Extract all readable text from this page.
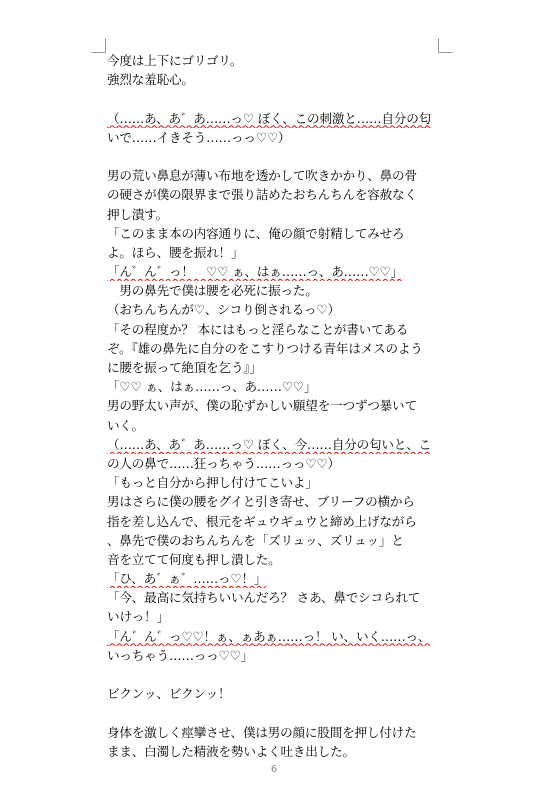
今度は上下にゴリゴリ。
強烈な羞恥心。

（……あ、あ゛あ……っ♡ ぼく、この刺激と……自分の匂
いで……イきそう……っっ♡♡）

男の荒い鼻息が薄い布地を透かして吹きかかり、鼻の骨
の硬さが僕の限界まで張り詰めたおちんちんを容赦なく
押し潰す。
「このまま本の内容通りに、俺の顔で射精してみせろ
よ。ほら、腰を振れ！」
「ん゛ん゛っ！　♡♡ ぁ、はぁ……っ、あ……♡♡」
　男の鼻先で僕は腰を必死に振った。
（おちんちんが♡、シコり倒されるっ♡）
「その程度か？ 本にはもっと淫らなことが書いてある
ぞ。『雄の鼻先に自分のをこすりつける青年はメスのよう
に腰を振って絶頂を乞う』」
「♡♡ ぁ、はぁ……っ、あ……♡♡」
男の野太い声が、僕の恥ずかしい願望を一つずつ暴いて
いく。
（……あ、あ゛あ……っ♡ ぼく、今……自分の匂いと、こ
の人の鼻で……狂っちゃう……っっ♡♡）
「もっと自分から押し付けてこいよ」
男はさらに僕の腰をグイと引き寄せ、ブリーフの横から
指を差し込んで、根元をギュウギュウと締め上げながら
、鼻先で僕のおちんちんを「ズリュッ、ズリュッ」と
音を立てて何度も押し潰した。
「ひ、あ゛ぁ゛……っ♡！」
「今、最高に気持ちいいんだろ？ さあ、鼻でシコられて
いけっ！」
「ん゛ん゛っ♡♡！ぁ、ぁあぁ……っ！ い、いく……っ、
いっちゃう……っっ♡♡」

ビクンッ、ビクンッ！

身体を激しく痙攣させ、僕は男の顔に股間を押し付けた
まま、白濁した精液を勢いよく吐き出した。
6
